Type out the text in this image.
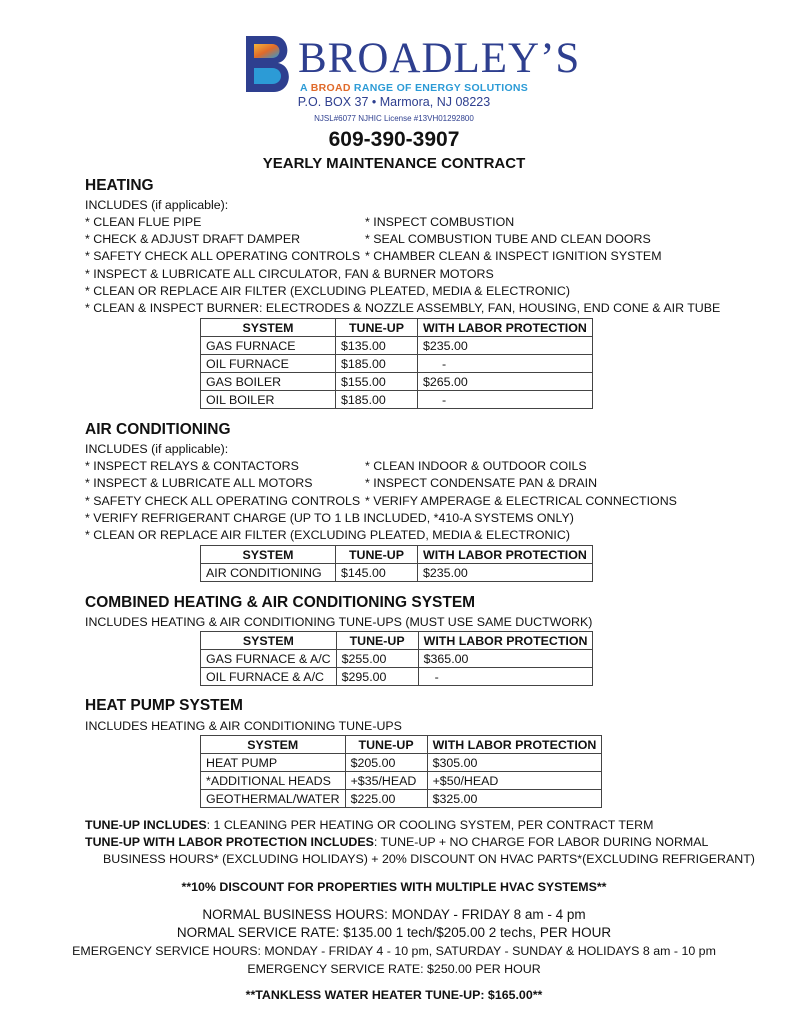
BROADLEY’S
A BROAD RANGE OF ENERGY SOLUTIONS
P.O. BOX 37 • Marmora, NJ 08223
NJSL#6077 NJHIC License #13VH01292800
609-390-3907
YEARLY MAINTENANCE CONTRACT
HEATING
INCLUDES (if applicable):
* CLEAN FLUE PIPE	* INSPECT COMBUSTION
* CHECK & ADJUST DRAFT DAMPER	* SEAL COMBUSTION TUBE AND CLEAN DOORS
* SAFETY CHECK ALL OPERATING CONTROLS * CHAMBER CLEAN & INSPECT IGNITION SYSTEM
* INSPECT & LUBRICATE ALL CIRCULATOR, FAN & BURNER MOTORS
* CLEAN OR REPLACE AIR FILTER (EXCLUDING PLEATED, MEDIA & ELECTRONIC)
* CLEAN & INSPECT BURNER: ELECTRODES & NOZZLE ASSEMBLY, FAN, HOUSING, END CONE & AIR TUBE
SYSTEM	TUNE-UP	WITH LABOR PROTECTION
GAS FURNACE	$135.00	$235.00
OIL FURNACE	$185.00	-
GAS BOILER	$155.00	$265.00
OIL BOILER	$185.00	-
AIR CONDITIONING
INCLUDES (if applicable):
* INSPECT RELAYS & CONTACTORS	* CLEAN INDOOR & OUTDOOR COILS
* INSPECT & LUBRICATE ALL MOTORS	* INSPECT CONDENSATE PAN & DRAIN
* SAFETY CHECK ALL OPERATING CONTROLS * VERIFY AMPERAGE & ELECTRICAL CONNECTIONS
* VERIFY REFRIGERANT CHARGE (UP TO 1 LB INCLUDED, *410-A SYSTEMS ONLY)
* CLEAN OR REPLACE AIR FILTER (EXCLUDING PLEATED, MEDIA & ELECTRONIC)
SYSTEM	TUNE-UP	WITH LABOR PROTECTION
AIR CONDITIONING	$145.00	$235.00
COMBINED HEATING & AIR CONDITIONING SYSTEM
INCLUDES HEATING & AIR CONDITIONING TUNE-UPS (MUST USE SAME DUCTWORK)
SYSTEM	TUNE-UP	WITH LABOR PROTECTION
GAS FURNACE & A/C	$255.00	$365.00
OIL FURNACE & A/C	$295.00	-
HEAT PUMP SYSTEM
INCLUDES HEATING & AIR CONDITIONING TUNE-UPS
SYSTEM	TUNE-UP	WITH LABOR PROTECTION
HEAT PUMP	$205.00	$305.00
*ADDITIONAL HEADS	+$35/HEAD	+$50/HEAD
GEOTHERMAL/WATER	$225.00	$325.00
TUNE-UP INCLUDES: 1 CLEANING PER HEATING OR COOLING SYSTEM, PER CONTRACT TERM
TUNE-UP WITH LABOR PROTECTION INCLUDES: TUNE-UP + NO CHARGE FOR LABOR DURING NORMAL
BUSINESS HOURS* (EXCLUDING HOLIDAYS) + 20% DISCOUNT ON HVAC PARTS*(EXCLUDING REFRIGERANT)
**10% DISCOUNT FOR PROPERTIES WITH MULTIPLE HVAC SYSTEMS**
NORMAL BUSINESS HOURS: MONDAY - FRIDAY 8 am - 4 pm
NORMAL SERVICE RATE: $135.00 1 tech/$205.00 2 techs, PER HOUR
EMERGENCY SERVICE HOURS: MONDAY - FRIDAY 4 - 10 pm, SATURDAY - SUNDAY & HOLIDAYS 8 am - 10 pm
EMERGENCY SERVICE RATE: $250.00 PER HOUR
**TANKLESS WATER HEATER TUNE-UP: $165.00**
